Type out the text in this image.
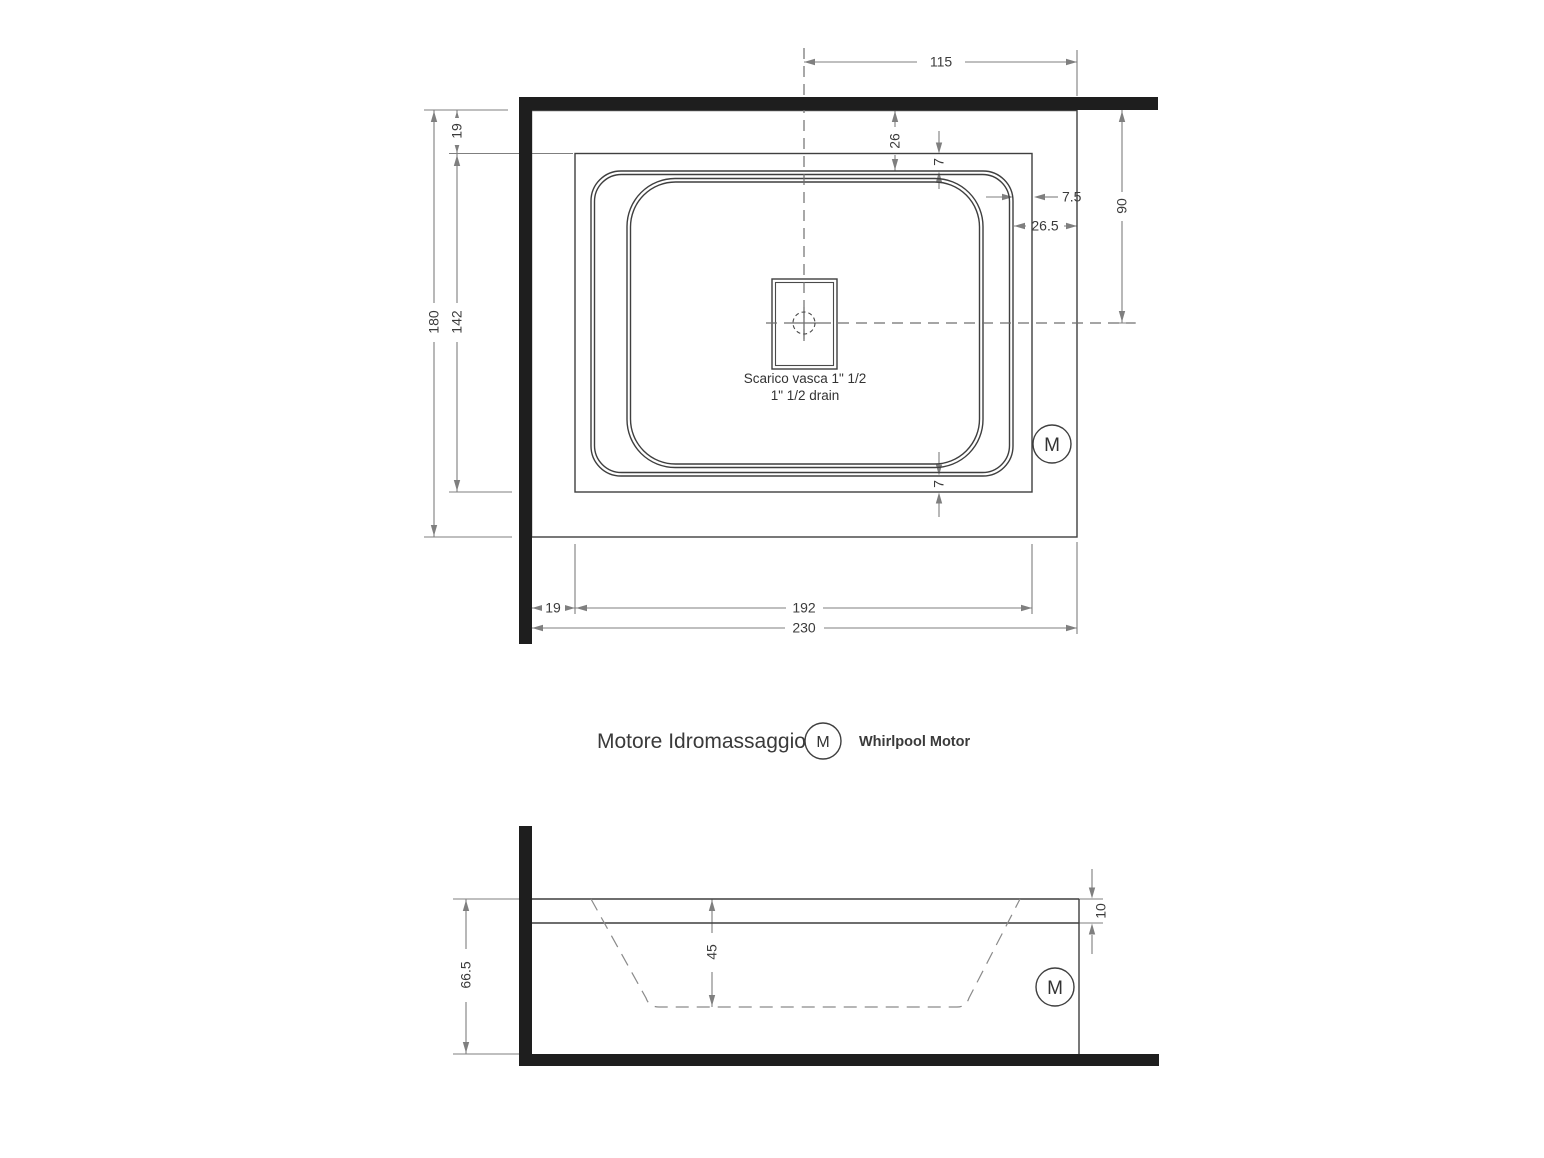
115
26
7
7.5
26.5
90
19
142
180
7
19	192
230
Scarico vasca 1" 1/2
1" 1/2 drain
M
Motore Idromassaggio M Whirlpool Motor
66.5
45
10
M
